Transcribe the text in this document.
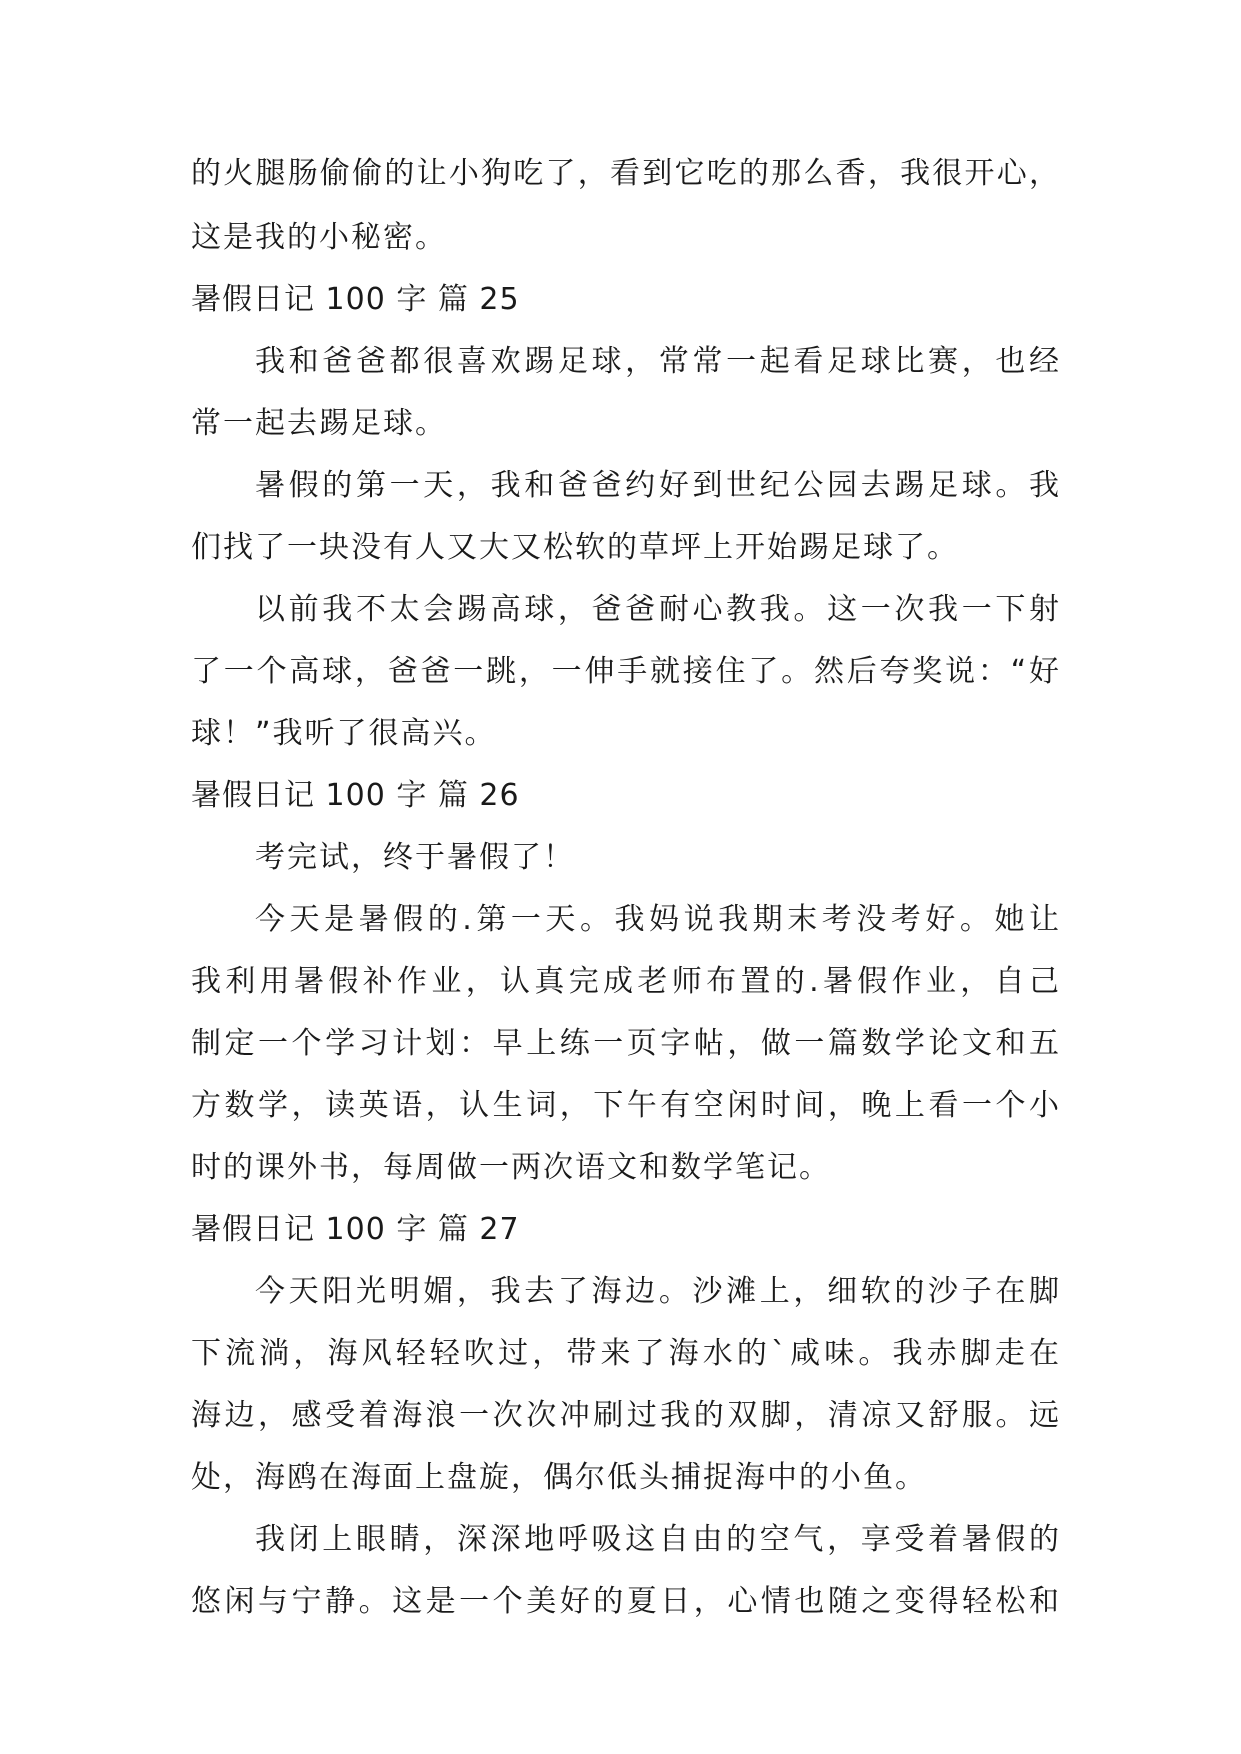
的火腿肠偷偷的让小狗吃了，看到它吃的那么香，我很开心，
这是我的小秘密。
暑假日记 100 字 篇 25
我和爸爸都很喜欢踢足球，常常一起看足球比赛，也经
常一起去踢足球。
暑假的第一天，我和爸爸约好到世纪公园去踢足球。我
们找了一块没有人又大又松软的草坪上开始踢足球了。
以前我不太会踢高球，爸爸耐心教我。这一次我一下射
了一个高球，爸爸一跳，一伸手就接住了。然后夸奖说：“好
球！”我听了很高兴。
暑假日记 100 字 篇 26
考完试，终于暑假了！
今天是暑假的.第一天。我妈说我期末考没考好。她让
我利用暑假补作业，认真完成老师布置的.暑假作业，自己
制定一个学习计划：早上练一页字帖，做一篇数学论文和五
方数学，读英语，认生词，下午有空闲时间，晚上看一个小
时的课外书，每周做一两次语文和数学笔记。
暑假日记 100 字 篇 27
今天阳光明媚，我去了海边。沙滩上，细软的沙子在脚
下流淌，海风轻轻吹过，带来了海水的`咸味。我赤脚走在
海边，感受着海浪一次次冲刷过我的双脚，清凉又舒服。远
处，海鸥在海面上盘旋，偶尔低头捕捉海中的小鱼。
我闭上眼睛，深深地呼吸这自由的空气，享受着暑假的
悠闲与宁静。这是一个美好的夏日，心情也随之变得轻松和
